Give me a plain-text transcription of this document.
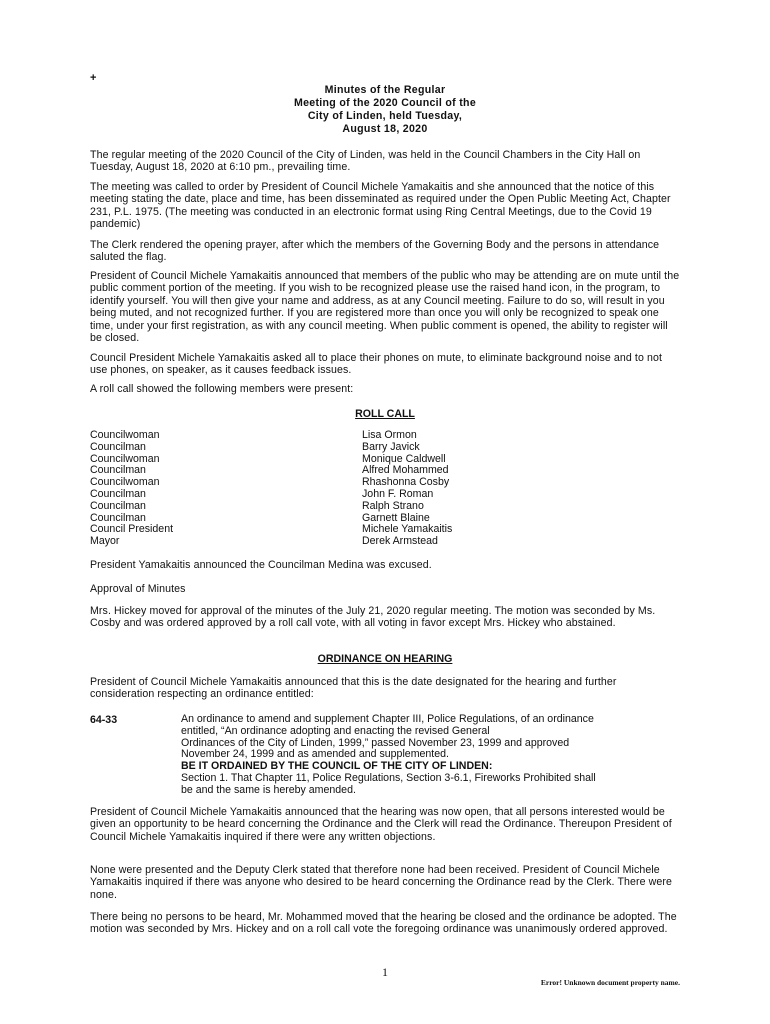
+
Minutes of the Regular
Meeting of the 2020 Council of the
City of Linden, held Tuesday,
August 18, 2020
The regular meeting of the 2020 Council of the City of Linden, was held in the Council Chambers in the City Hall on Tuesday, August 18, 2020 at 6:10 pm., prevailing time.
The meeting was called to order by President of Council Michele Yamakaitis and she announced that the notice of this meeting stating the date, place and time, has been disseminated as required under the Open Public Meeting Act, Chapter 231, P.L. 1975. (The meeting was conducted in an electronic format using Ring Central Meetings, due to the Covid 19 pandemic)
The Clerk rendered the opening prayer, after which the members of the Governing Body and the persons in attendance saluted the flag.
President of Council Michele Yamakaitis announced that members of the public who may be attending are on mute until the public comment portion of the meeting. If you wish to be recognized please use the raised hand icon, in the program, to identify yourself. You will then give your name and address, as at any Council meeting. Failure to do so, will result in you being muted, and not recognized further. If you are registered more than once you will only be recognized to speak one time, under your first registration, as with any council meeting. When public comment is opened, the ability to register will be closed.
Council President Michele Yamakaitis asked all to place their phones on mute, to eliminate background noise and to not use phones, on speaker, as it causes feedback issues.
A roll call showed the following members were present:
ROLL CALL
Councilwoman	Lisa Ormon
Councilman	Barry Javick
Councilwoman	Monique Caldwell
Councilman	Alfred Mohammed
Councilwoman	Rhashonna Cosby
Councilman	John F. Roman
Councilman	Ralph Strano
Councilman	Garnett Blaine
Council President	Michele Yamakaitis
Mayor	Derek Armstead
President Yamakaitis announced the Councilman Medina was excused.
Approval of Minutes
Mrs. Hickey moved for approval of the minutes of the July 21, 2020 regular meeting. The motion was seconded by Ms. Cosby and was ordered approved by a roll call vote, with all voting in favor except Mrs. Hickey who abstained.
ORDINANCE ON HEARING
President of Council Michele Yamakaitis announced that this is the date designated for the hearing and further consideration respecting an ordinance entitled:
64-33	An ordinance to amend and supplement Chapter III, Police Regulations, of an ordinance
entitled, “An ordinance adopting and enacting the revised General
Ordinances of the City of Linden, 1999,” passed November 23, 1999 and approved
November 24, 1999 and as amended and supplemented.
BE IT ORDAINED BY THE COUNCIL OF THE CITY OF LINDEN:
Section 1. That Chapter 11, Police Regulations, Section 3-6.1, Fireworks Prohibited shall
be and the same is hereby amended.
President of Council Michele Yamakaitis announced that the hearing was now open, that all persons interested would be given an opportunity to be heard concerning the Ordinance and the Clerk will read the Ordinance. Thereupon President of Council Michele Yamakaitis inquired if there were any written objections.
None were presented and the Deputy Clerk stated that therefore none had been received. President of Council Michele Yamakaitis inquired if there was anyone who desired to be heard concerning the Ordinance read by the Clerk. There were none.
There being no persons to be heard, Mr. Mohammed moved that the hearing be closed and the ordinance be adopted. The motion was seconded by Mrs. Hickey and on a roll call vote the foregoing ordinance was unanimously ordered approved.
1
Error! Unknown document property name.
